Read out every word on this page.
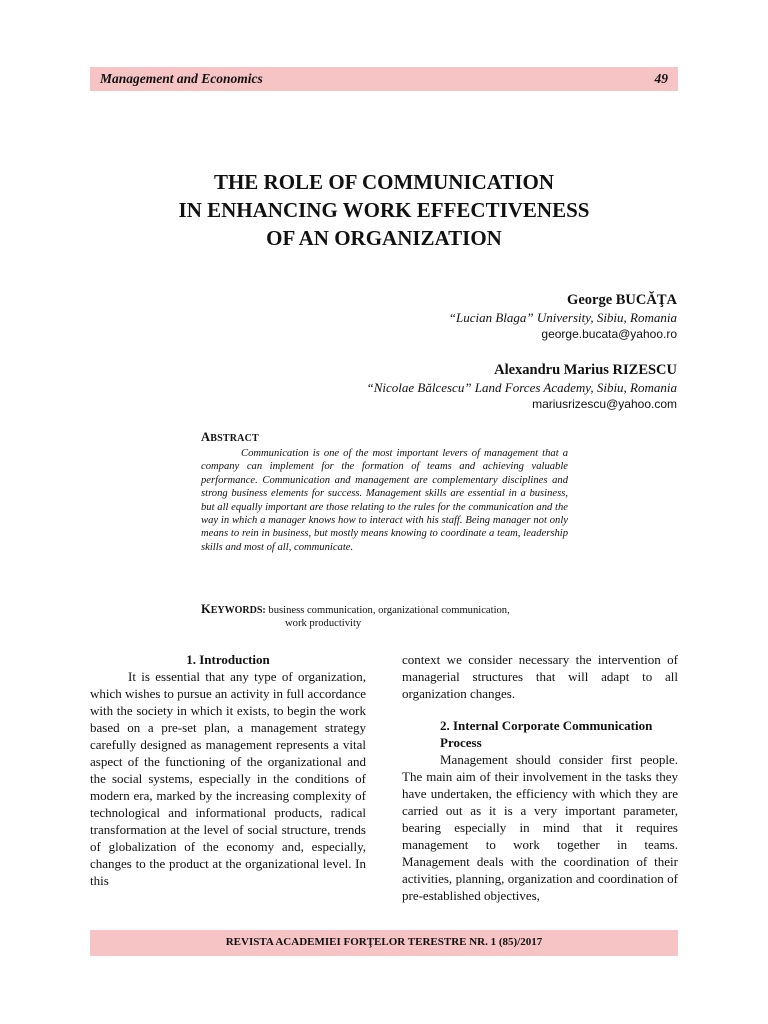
Management and Economics	49
THE ROLE OF COMMUNICATION
IN ENHANCING WORK EFFECTIVENESS
OF AN ORGANIZATION
George BUCĂŢA
“Lucian Blaga” University, Sibiu, Romania
george.bucata@yahoo.ro
Alexandru Marius RIZESCU
“Nicolae Bălcescu” Land Forces Academy, Sibiu, Romania
mariusrizescu@yahoo.com
ABSTRACT

Communication is one of the most important levers of management that a company can implement for the formation of teams and achieving valuable performance. Communication and management are complementary disciplines and strong business elements for success. Management skills are essential in a business, but all equally important are those relating to the rules for the communication and the way in which a manager knows how to interact with his staff. Being manager not only means to rein in business, but mostly means knowing to coordinate a team, leadership skills and most of all, communicate.

KEYWORDS: business communication, organizational communication,
work productivity
1. Introduction

It is essential that any type of organization, which wishes to pursue an activity in full accordance with the society in which it exists, to begin the work based on a pre-set plan, a management strategy carefully designed as management represents a vital aspect of the functioning of the organizational and the social systems, especially in the conditions of modern era, marked by the increasing complexity of technological and informational products, radical transformation at the level of social structure, trends of globalization of the economy and, especially, changes to the product at the organizational level. In this

context we consider necessary the intervention of managerial structures that will adapt to all organization changes.

2. Internal Corporate Communication Process

Management should consider first people. The main aim of their involvement in the tasks they have undertaken, the efficiency with which they are carried out as it is a very important parameter, bearing especially in mind that it requires management to work together in teams. Management deals with the coordination of their activities, planning, organization and coordination of pre-established objectives,

REVISTA ACADEMIEI FORŢELOR TERESTRE NR. 1 (85)/2017
